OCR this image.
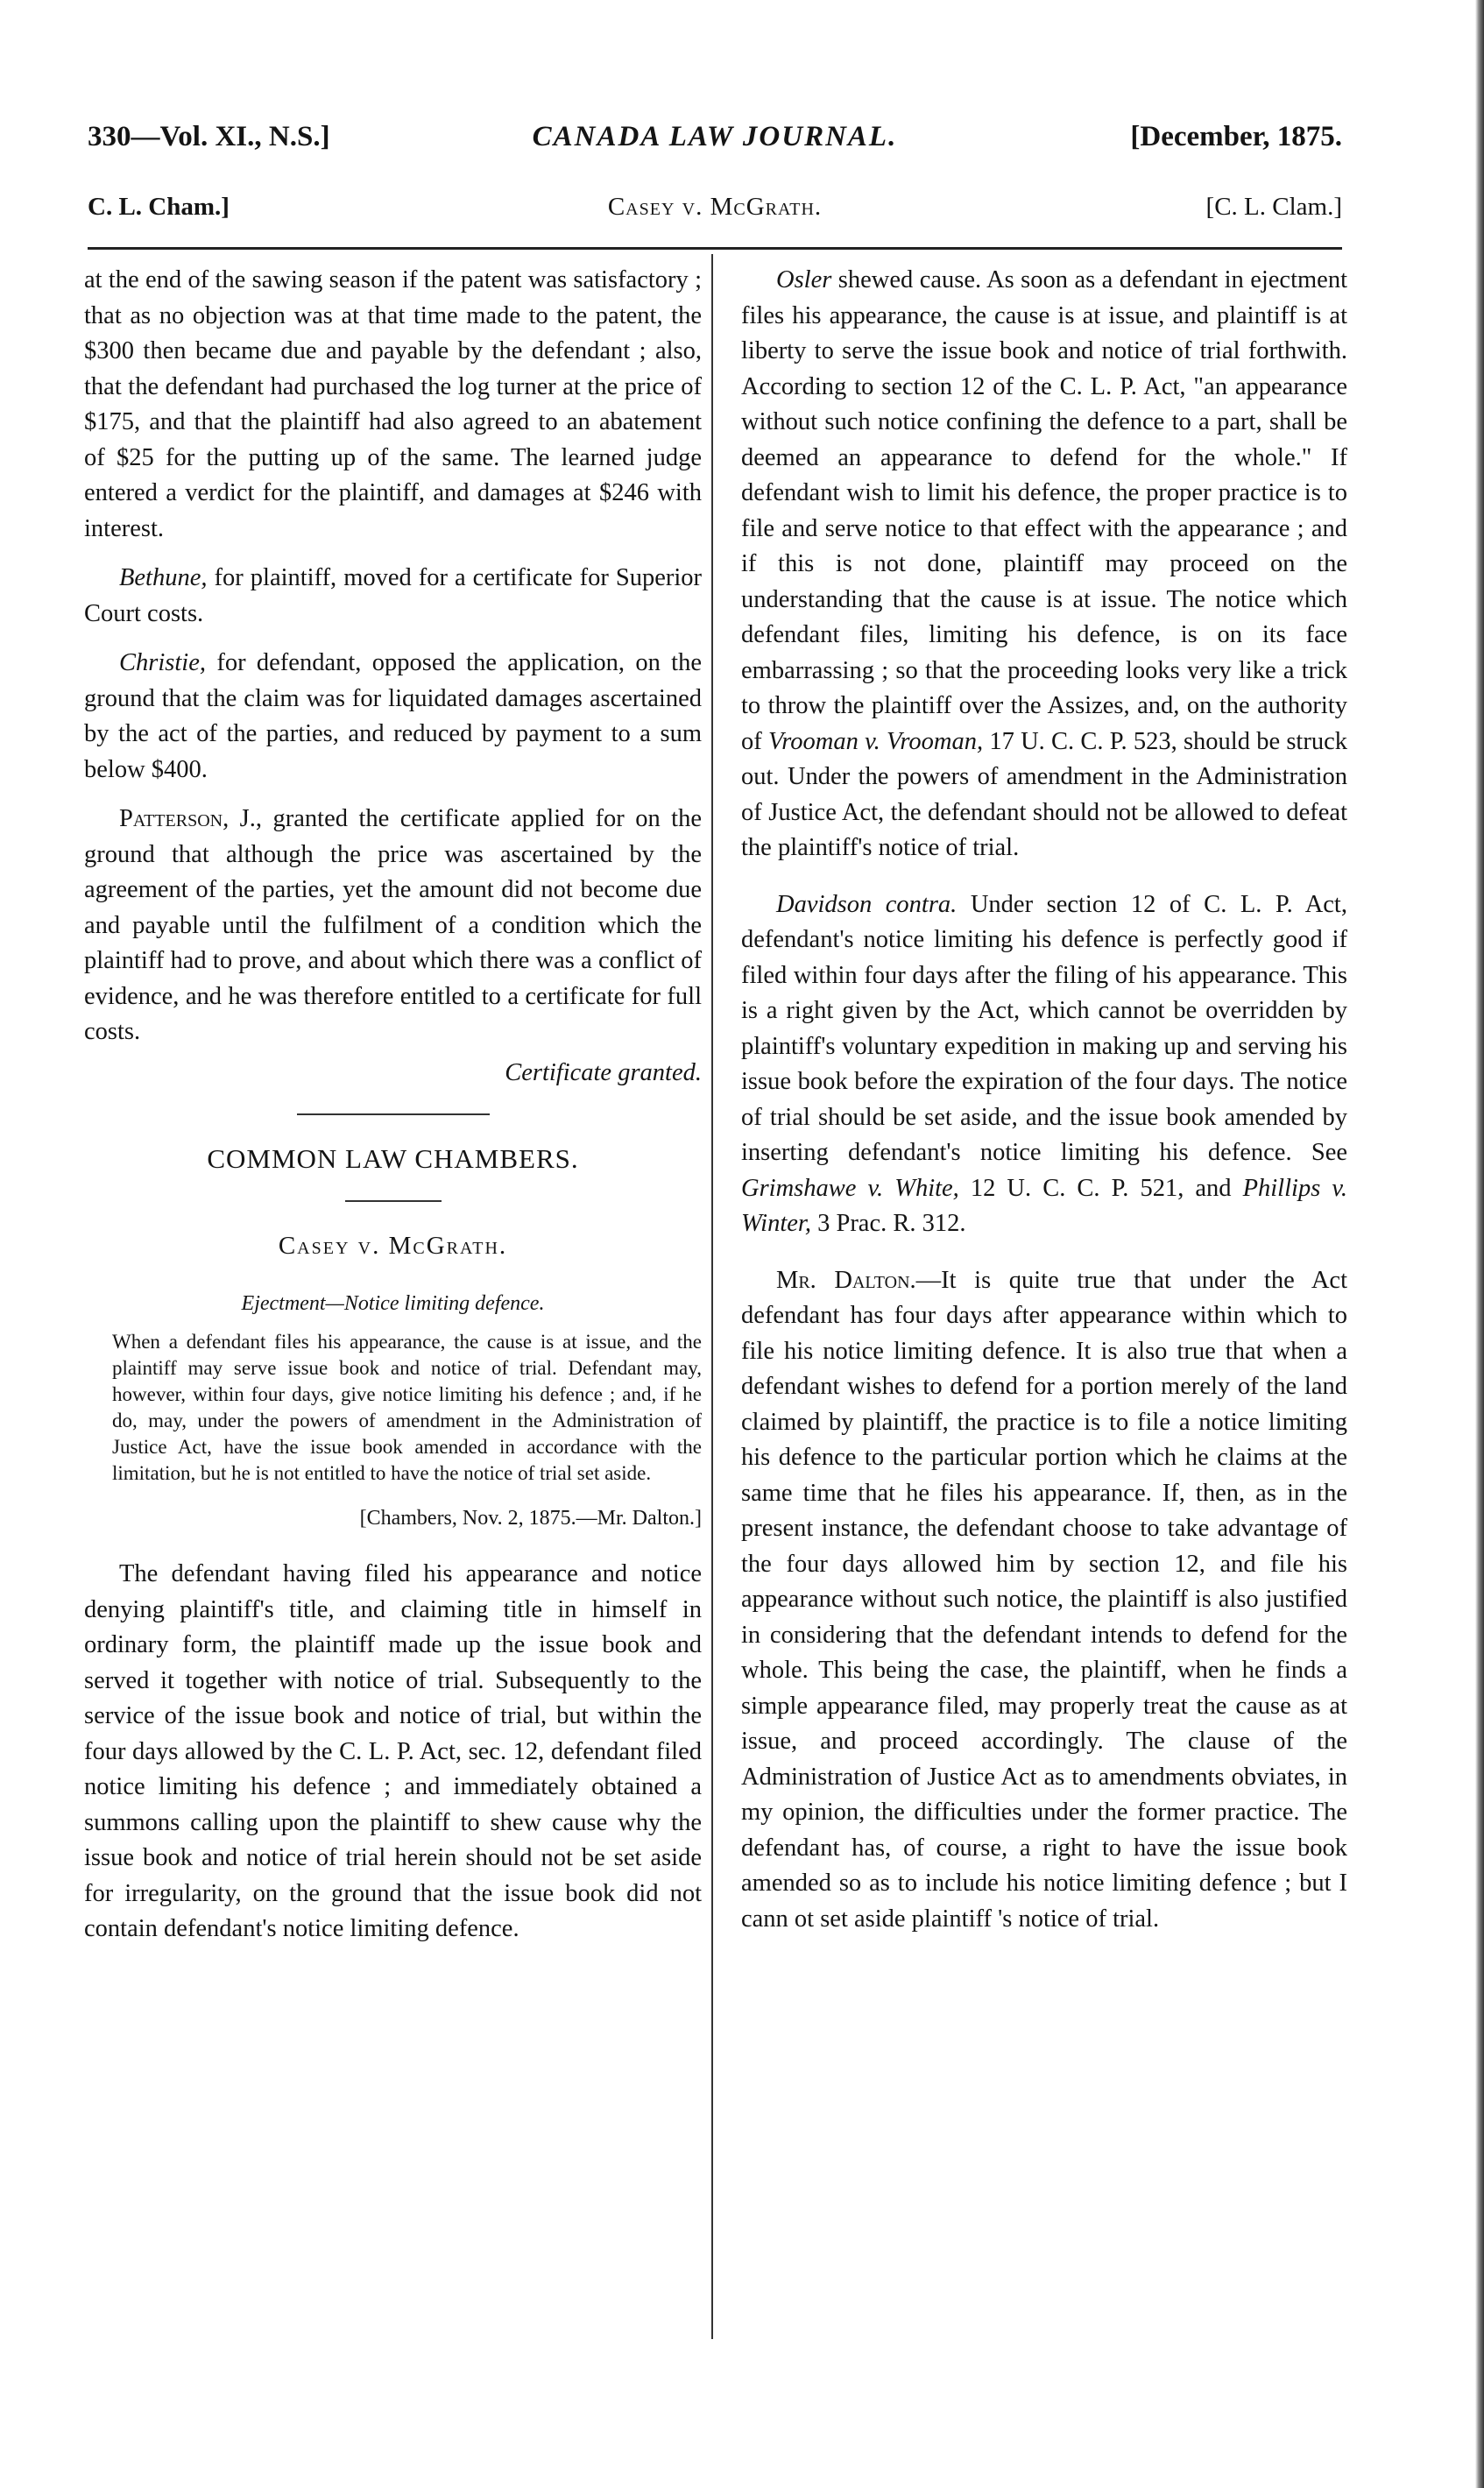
330—Vol. XI., N.S.]	CANADA LAW JOURNAL.	[December, 1875.
C. L. Cham.]	Casey v. McGrath.	[C. L. Clam.]

at the end of the sawing season if the patent was satisfactory ; that as no objection was at that time made to the patent, the $300 then became due and payable by the defendant ; also, that the defendant had purchased the log turner at the price of $175, and that the plaintiff had also agreed to an abatement of $25 for the putting up of the same. The learned judge entered a verdict for the plaintiff, and damages at $246 with interest.

Bethune, for plaintiff, moved for a certificate for Superior Court costs.

Christie, for defendant, opposed the application, on the ground that the claim was for liquidated damages ascertained by the act of the parties, and reduced by payment to a sum below $400.

Patterson, J., granted the certificate applied for on the ground that although the price was ascertained by the agreement of the parties, yet the amount did not become due and payable until the fulfilment of a condition which the plaintiff had to prove, and about which there was a conflict of evidence, and he was therefore entitled to a certificate for full costs.

Certificate granted.

COMMON LAW CHAMBERS.

Casey v. McGrath.

Ejectment—Notice limiting defence.

When a defendant files his appearance, the cause is at issue, and the plaintiff may serve issue book and notice of trial. Defendant may, however, within four days, give notice limiting his defence ; and, if he do, may, under the powers of amendment in the Administration of Justice Act, have the issue book amended in accordance with the limitation, but he is not entitled to have the notice of trial set aside.

[Chambers, Nov. 2, 1875.—Mr. Dalton.]

The defendant having filed his appearance and notice denying plaintiff's title, and claiming title in himself in ordinary form, the plaintiff made up the issue book and served it together with notice of trial. Subsequently to the service of the issue book and notice of trial, but within the four days allowed by the C. L. P. Act, sec. 12, defendant filed notice limiting his defence ; and immediately obtained a summons calling upon the plaintiff to shew cause why the issue book and notice of trial herein should not be set aside for irregularity, on the ground that the issue book did not contain defendant's notice limiting defence.

Osler shewed cause. As soon as a defendant in ejectment files his appearance, the cause is at issue, and plaintiff is at liberty to serve the issue book and notice of trial forthwith. According to section 12 of the C. L. P. Act, "an appearance without such notice confining the defence to a part, shall be deemed an appearance to defend for the whole." If defendant wish to limit his defence, the proper practice is to file and serve notice to that effect with the appearance ; and if this is not done, plaintiff may proceed on the understanding that the cause is at issue. The notice which defendant files, limiting his defence, is on its face embarrassing ; so that the proceeding looks very like a trick to throw the plaintiff over the Assizes, and, on the authority of Vrooman v. Vrooman, 17 U. C. C. P. 523, should be struck out. Under the powers of amendment in the Administration of Justice Act, the defendant should not be allowed to defeat the plaintiff's notice of trial.

Davidson contra. Under section 12 of C. L. P. Act, defendant's notice limiting his defence is perfectly good if filed within four days after the filing of his appearance. This is a right given by the Act, which cannot be overridden by plaintiff's voluntary expedition in making up and serving his issue book before the expiration of the four days. The notice of trial should be set aside, and the issue book amended by inserting defendant's notice limiting his defence. See Grimshawe v. White, 12 U. C. C. P. 521, and Phillips v. Winter, 3 Prac. R. 312.

Mr. Dalton.—It is quite true that under the Act defendant has four days after appearance within which to file his notice limiting defence. It is also true that when a defendant wishes to defend for a portion merely of the land claimed by plaintiff, the practice is to file a notice limiting his defence to the particular portion which he claims at the same time that he files his appearance. If, then, as in the present instance, the defendant choose to take advantage of the four days allowed him by section 12, and file his appearance without such notice, the plaintiff is also justified in considering that the defendant intends to defend for the whole. This being the case, the plaintiff, when he finds a simple appearance filed, may properly treat the cause as at issue, and proceed accordingly. The clause of the Administration of Justice Act as to amendments obviates, in my opinion, the difficulties under the former practice. The defendant has, of course, a right to have the issue book amended so as to include his notice limiting defence ; but I cann ot set aside plaintiff 's notice of trial.
